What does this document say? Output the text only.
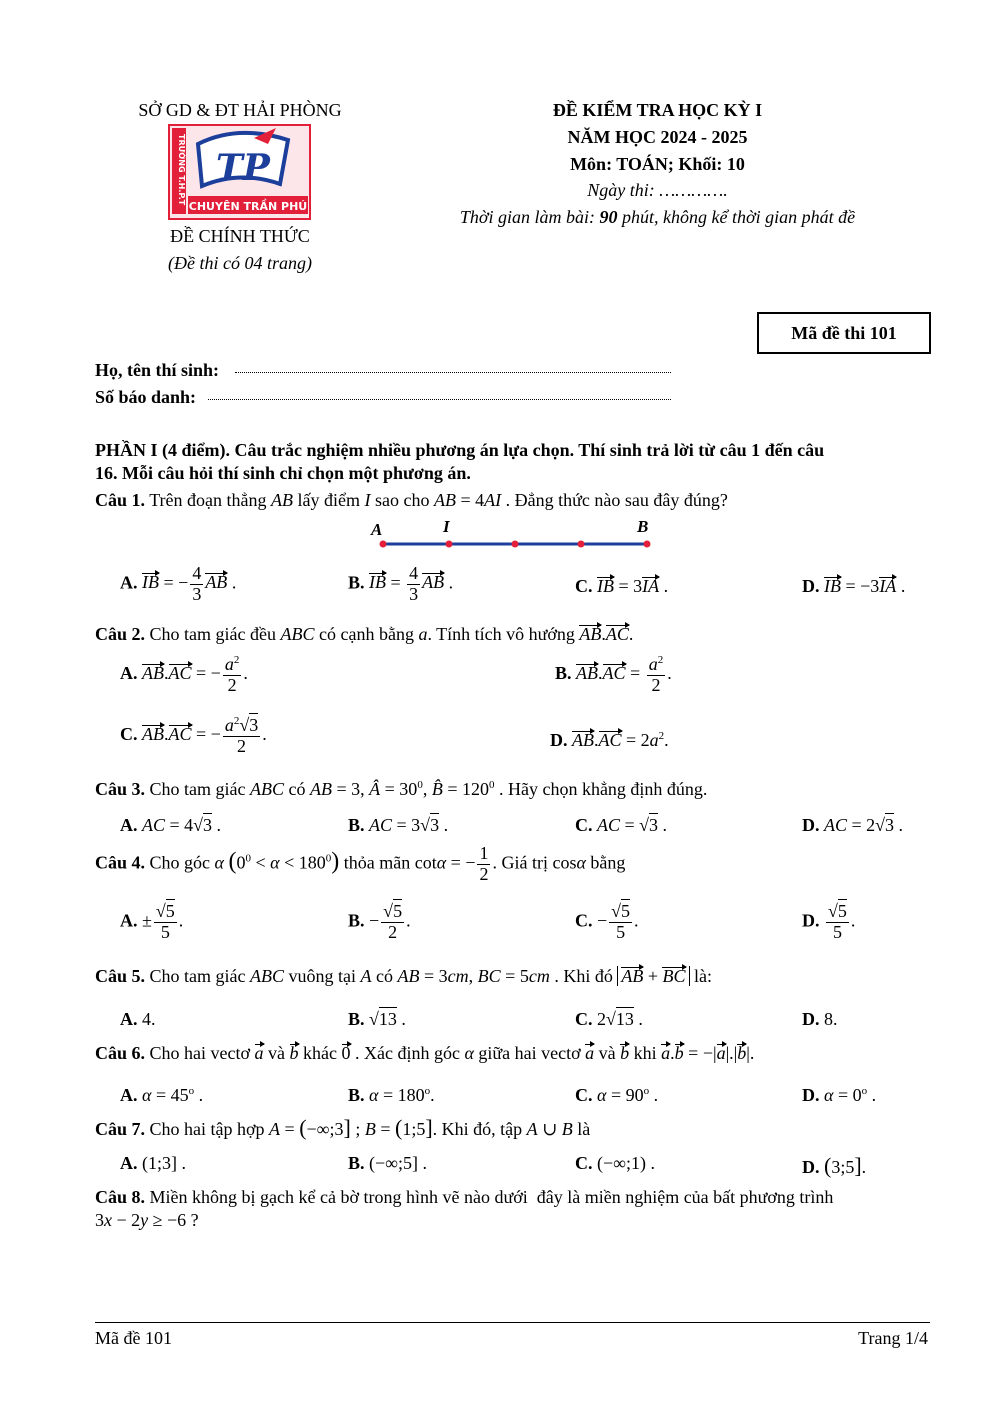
SỞ GD & ĐT HẢI PHÒNG
TRƯỜNG T.H.P.T TP
CHUYÊN TRẦN PHÚ
ĐỀ CHÍNH THỨC
(Đề thi có 04 trang)
ĐỀ KIỂM TRA HỌC KỲ I
NĂM HỌC 2024 - 2025
Môn: TOÁN; Khối: 10
Ngày thi: ………….
Thời gian làm bài: 90 phút, không kể thời gian phát đề
Mã đề thi 101
Họ, tên thí sinh:
Số báo danh:
PHẦN I (4 điểm). Câu trắc nghiệm nhiều phương án lựa chọn. Thí sinh trả lời từ câu 1 đến câu
16. Mỗi câu hỏi thí sinh chỉ chọn một phương án.
Câu 1. Trên đoạn thẳng AB lấy điểm I sao cho AB = 4AI . Đẳng thức nào sau đây đúng?
A	I	B
A. IB = − $\frac{4}{3}$ AB .	B. IB = $\frac{4}{3}$ AB .	C. IB = 3IA .	D. IB = −3IA .
Câu 2. Cho tam giác đều ABC có cạnh bằng a. Tính tích vô hướng AB.AC.
A. AB.AC = − $\frac{a^2}{2}$ .	B. $AB.AC = \frac{a^2}{2}$ .
C. AB.AC = − $\frac{a^2√3}{2}$ .	D. $AB.AC = 2a^2$.
Câu 3. Cho tam giác ABC có AB = 3, Â = $30^0$, B̂ = $120^0$ . Hãy chọn khẳng định đúng.
A. AC = 4√3 .	B. AC = 3√3 .	C. AC = √3 .	D. AC = 2√3 .
Câu 4. Cho góc α $(0^0 < \alpha < 180^0)$ thỏa mãn cotα = − $\frac{1}{2}$ . Giá trị cosα bằng
A. ± $\frac{√5}{5}$ .	B. − $\frac{√5}{2}$ .	C. − $\frac{√5}{5}$ .	D. $\frac{√5}{5}$ .
Câu 5. Cho tam giác ABC vuông tại A có AB = 3cm, BC = 5cm . Khi đó AB + BC là:
A. 4.	B. √13 .	C. 2√13 .	D. 8.
Câu 6. Cho hai vectơ a và b khác 0 . Xác định góc α giữa hai vectơ a và b khi a.b = −|a|.|b|.
A. $\alpha = 45^o$ .	B. $\alpha = 180^o$.	C. $\alpha = 90^o$ .	D. $\alpha = 0^o$ .
Câu 7. Cho hai tập hợp A = (−∞;3] ; B = (1;5]. Khi đó, tập A ∪ B là
A. (1;3] .	B. (−∞;5] .	C. (−∞;1) .	D. (3;5].
Câu 8. Miền không bị gạch kể cả bờ trong hình vẽ nào dưới  đây là miền nghiệm của bất phương trình
3x − 2y ≥ −6 ?
Mã đề 101	Trang 1/4
